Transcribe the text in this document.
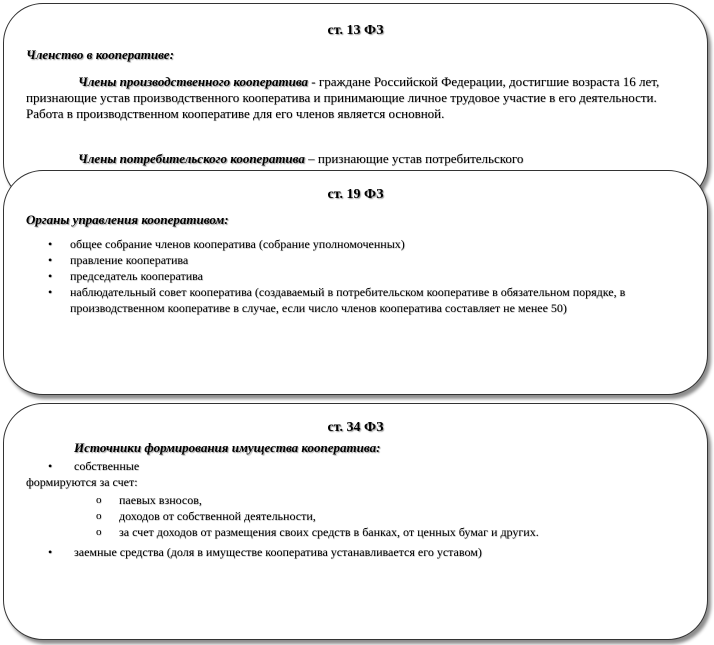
ст. 13 ФЗ
Членство в кооперативе:

Члены производственного кооператива - граждане Российской Федерации, достигшие возраста 16 лет, признающие устав производственного кооператива и принимающие личное трудовое участие в его деятельности. Работа в производственном кооперативе для его членов является основной.

Члены потребительского кооператива – признающие устав потребительского

ст. 19 ФЗ
Органы управления кооперативом:
• общее собрание членов кооператива (собрание уполномоченных)
• правление кооператива
• председатель кооператива
• наблюдательный совет кооператива (создаваемый в потребительском кооперативе в обязательном порядке, в производственном кооперативе в случае, если число членов кооператива составляет не менее 50)
ст. 34 ФЗ
Источники формирования имущества кооператива:
• собственные
формируются за счет:
o паевых взносов,
o доходов от собственной деятельности,
o за счет доходов от размещения своих средств в банках, от ценных бумаг и других.
• заемные средства (доля в имуществе кооператива устанавливается его уставом)
